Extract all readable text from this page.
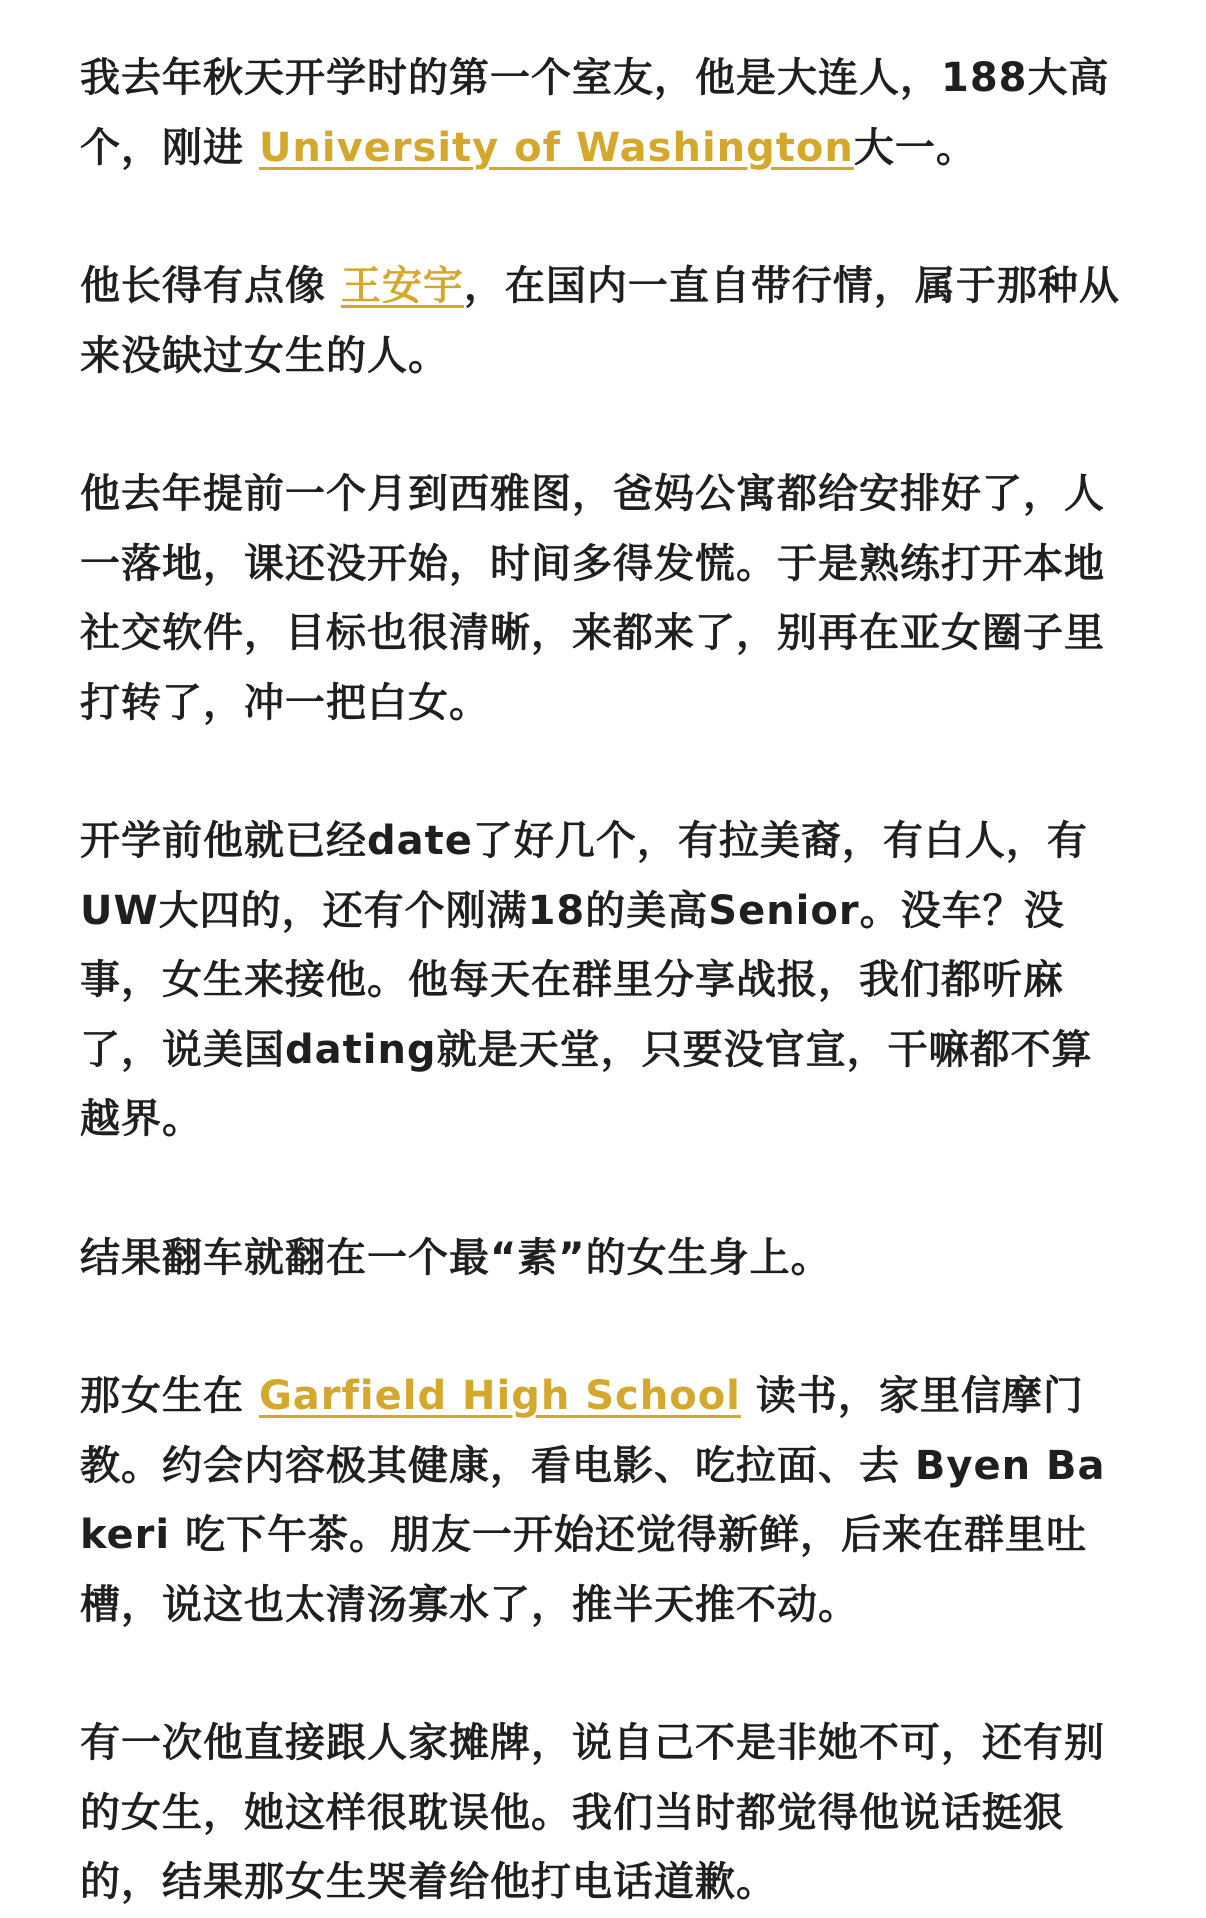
我去年秋天开学时的第一个室友，他是大连人，188大高个，刚进 University of Washington大一。

他长得有点像 王安宇，在国内一直自带行情，属于那种从来没缺过女生的人。

他去年提前一个月到西雅图，爸妈公寓都给安排好了，人一落地，课还没开始，时间多得发慌。于是熟练打开本地社交软件，目标也很清晰，来都来了，别再在亚女圈子里打转了，冲一把白女。

开学前他就已经date了好几个，有拉美裔，有白人，有UW大四的，还有个刚满18的美高Senior。没车？没事，女生来接他。他每天在群里分享战报，我们都听麻了，说美国dating就是天堂，只要没官宣，干嘛都不算越界。

结果翻车就翻在一个最“素”的女生身上。

那女生在 Garfield High School 读书，家里信摩门教。约会内容极其健康，看电影、吃拉面、去 Byen Bakeri 吃下午茶。朋友一开始还觉得新鲜，后来在群里吐槽，说这也太清汤寡水了，推半天推不动。

有一次他直接跟人家摊牌，说自己不是非她不可，还有别的女生，她这样很耽误他。我们当时都觉得他说话挺狠的，结果那女生哭着给他打电话道歉。
